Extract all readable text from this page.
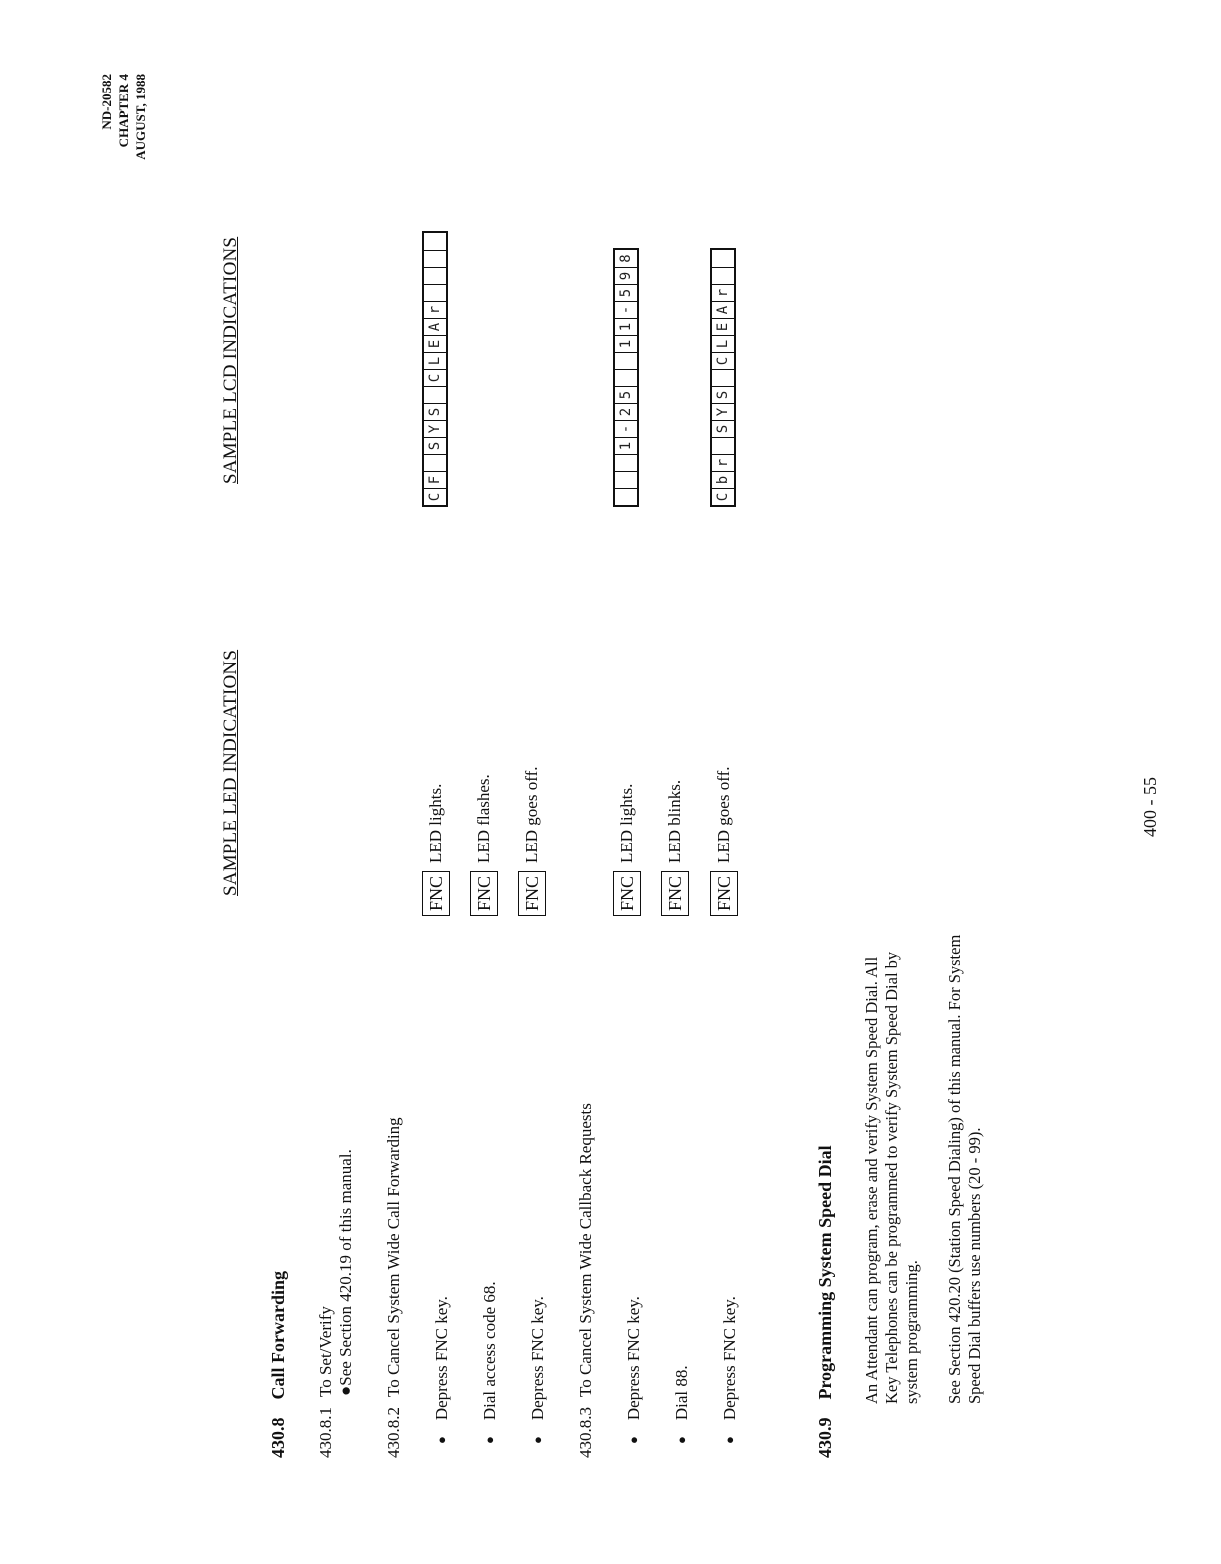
ND-20582 CHAPTER 4 AUGUST, 1988
SAMPLE LED INDICATIONS
SAMPLE LCD INDICATIONS
430.8Call Forwarding
430.8.1To Set/Verify ●See Section 420.19 of this manual.
430.8.2To Cancel System Wide Call Forwarding ● Depress FNC key. ● Dial access code 68. ● Depress FNC key.
FNC
LED lights.
FNC
LED flashes.
FNC
LED goes off.
C
F
S
Y
S
C
L
E
A
r
430.8.3To Cancel System Wide Callback Requests ● Depress FNC key. ● Dial 88. ● Depress FNC key.
FNC
LED lights.
FNC
LED blinks.
FNC
LED goes off.
1
-
2
5
1
1
-
5
9
8
C
b
r
S
Y
S
C
L
E
A
r
430.9Programming System Speed Dial An Attendant can program, erase and verify System Speed Dial. All Key Telephones can be programmed to verify System Speed Dial by system programming. See Section 420.20 (Station Speed Dialing) of this manual. For System Speed Dial buffers use numbers (20 - 99).
400 - 55
